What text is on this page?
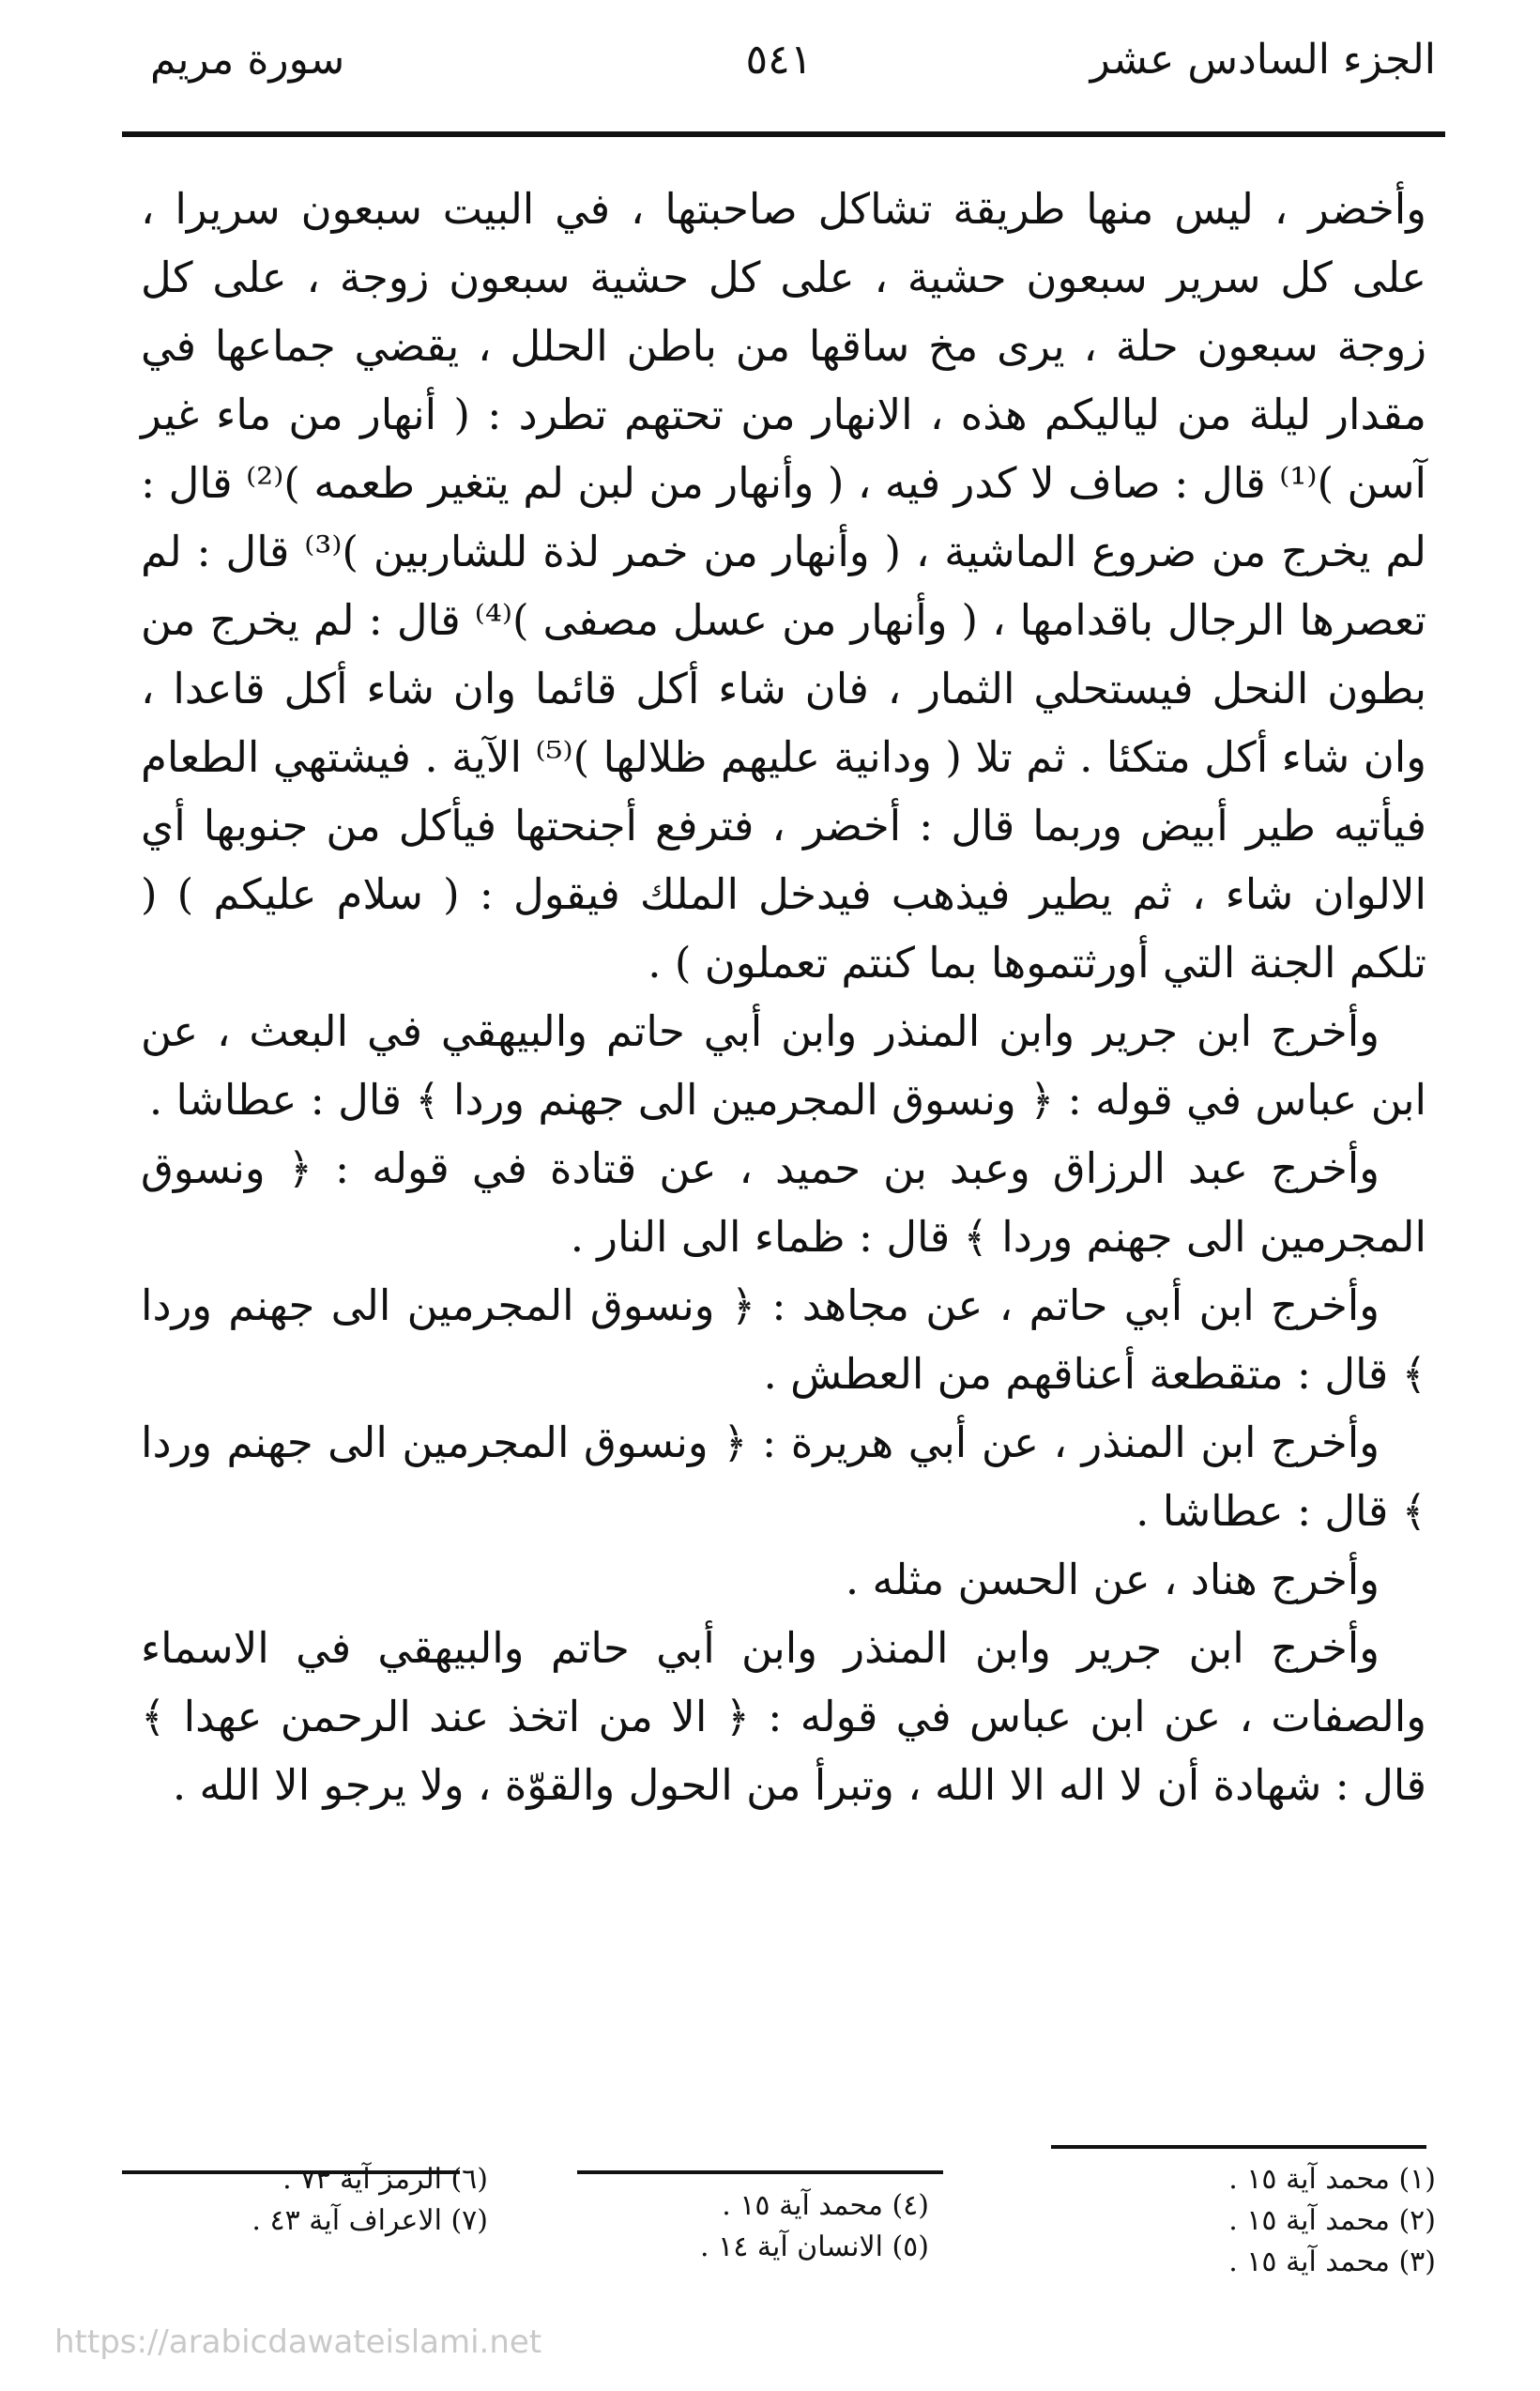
الجزء السادس عشر
٥٤١
سورة مريم

وأخضر ، ليس منها طريقة تشاكل صاحبتها ، في البيت سبعون سريرا ، على كل سرير سبعون حشية ، على كل حشية سبعون زوجة ، على كل زوجة سبعون حلة ، يرى مخ ساقها من باطن الحلل ، يقضي جماعها في مقدار ليلة من لياليكم هذه ، الانهار من تحتهم تطرد : ( أنهار من ماء غير آسن )⁽¹⁾ قال : صاف لا كدر فيه ، ( وأنهار من لبن لم يتغير طعمه )⁽²⁾ قال : لم يخرج من ضروع الماشية ، ( وأنهار من خمر لذة للشاربين )⁽³⁾ قال : لم تعصرها الرجال باقدامها ، ( وأنهار من عسل مصفى )⁽⁴⁾ قال : لم يخرج من بطون النحل فيستحلي الثمار ، فان شاء أكل قائما وان شاء أكل قاعدا ، وان شاء أكل متكئا . ثم تلا ( ودانية عليهم ظلالها )⁽⁵⁾ الآية . فيشتهي الطعام فيأتيه طير أبيض وربما قال : أخضر ، فترفع أجنحتها فيأكل من جنوبها أي الالوان شاء ، ثم يطير فيذهب فيدخل الملك فيقول : ( سلام عليكم ) ( تلكم الجنة التي أورثتموها بما كنتم تعملون ) .

وأخرج ابن جرير وابن المنذر وابن أبي حاتم والبيهقي في البعث ، عن ابن عباس في قوله : ﴿ ونسوق المجرمين الى جهنم وردا ﴾ قال : عطاشا .

وأخرج عبد الرزاق وعبد بن حميد ، عن قتادة في قوله : ﴿ ونسوق المجرمين الى جهنم وردا ﴾ قال : ظماء الى النار .

وأخرج ابن أبي حاتم ، عن مجاهد : ﴿ ونسوق المجرمين الى جهنم وردا ﴾ قال : متقطعة أعناقهم من العطش .

وأخرج ابن المنذر ، عن أبي هريرة : ﴿ ونسوق المجرمين الى جهنم وردا ﴾ قال : عطاشا .

وأخرج هناد ، عن الحسن مثله .

وأخرج ابن جرير وابن المنذر وابن أبي حاتم والبيهقي في الاسماء والصفات ، عن ابن عباس في قوله : ﴿ الا من اتخذ عند الرحمن عهدا ﴾ قال : شهادة أن لا اله الا الله ، وتبرأ من الحول والقوّة ، ولا يرجو الا الله .

(١) محمد آية ١٥ .
(٢) محمد آية ١٥ .
(٣) محمد آية ١٥ .
(٤) محمد آية ١٥ .
(٥) الانسان آية ١٤ .
(٦) الرمز آية ٧٣ .
(٧) الاعراف آية ٤٣ .
https://arabicdawateislami.net
